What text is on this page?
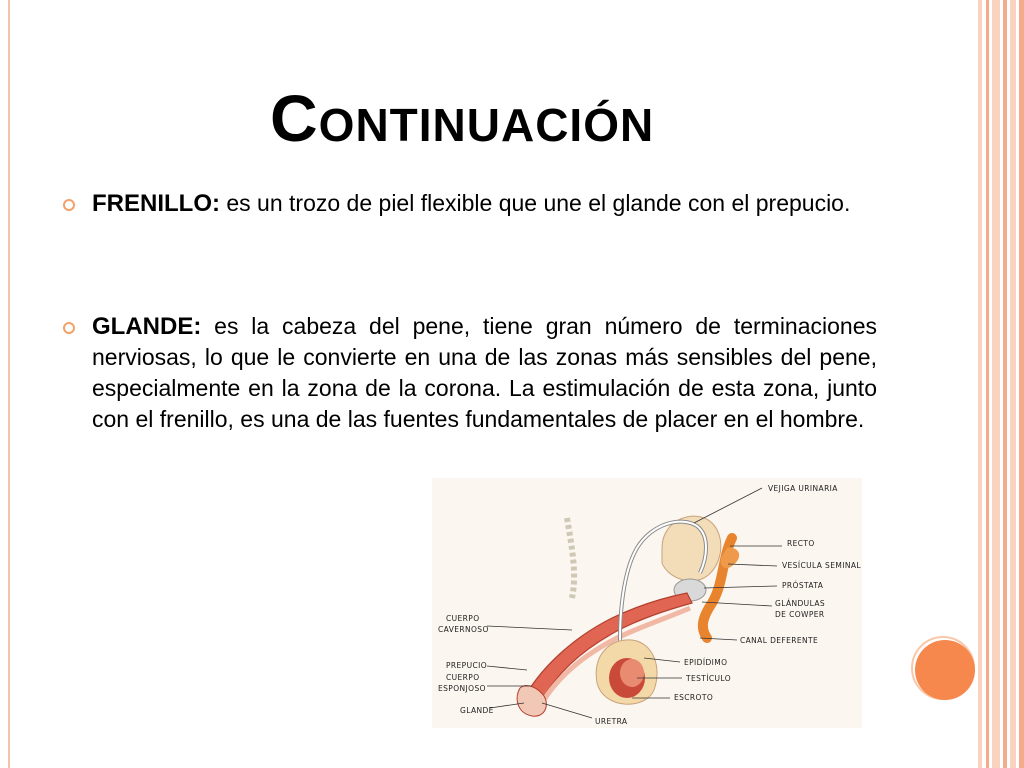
Continuación
FRENILLO: es un trozo de piel flexible que une el glande con el prepucio.
GLANDE: es la cabeza del pene, tiene gran número de terminaciones nerviosas, lo que le convierte en una de las zonas más sensibles del pene, especialmente en la zona de la corona. La estimulación de esta zona, junto con el frenillo, es una de las fuentes fundamentales de placer en el hombre.
VEJIGA URINARIA
RECTO
VESÍCULA SEMINAL
PRÓSTATA
GLÁNDULAS
DE COWPER
CANAL DEFERENTE
EPIDÍDIMO
TESTÍCULO
ESCROTO
URETRA
CUERPO
CAVERNOSO
PREPUCIO
CUERPO
ESPONJOSO
GLANDE
